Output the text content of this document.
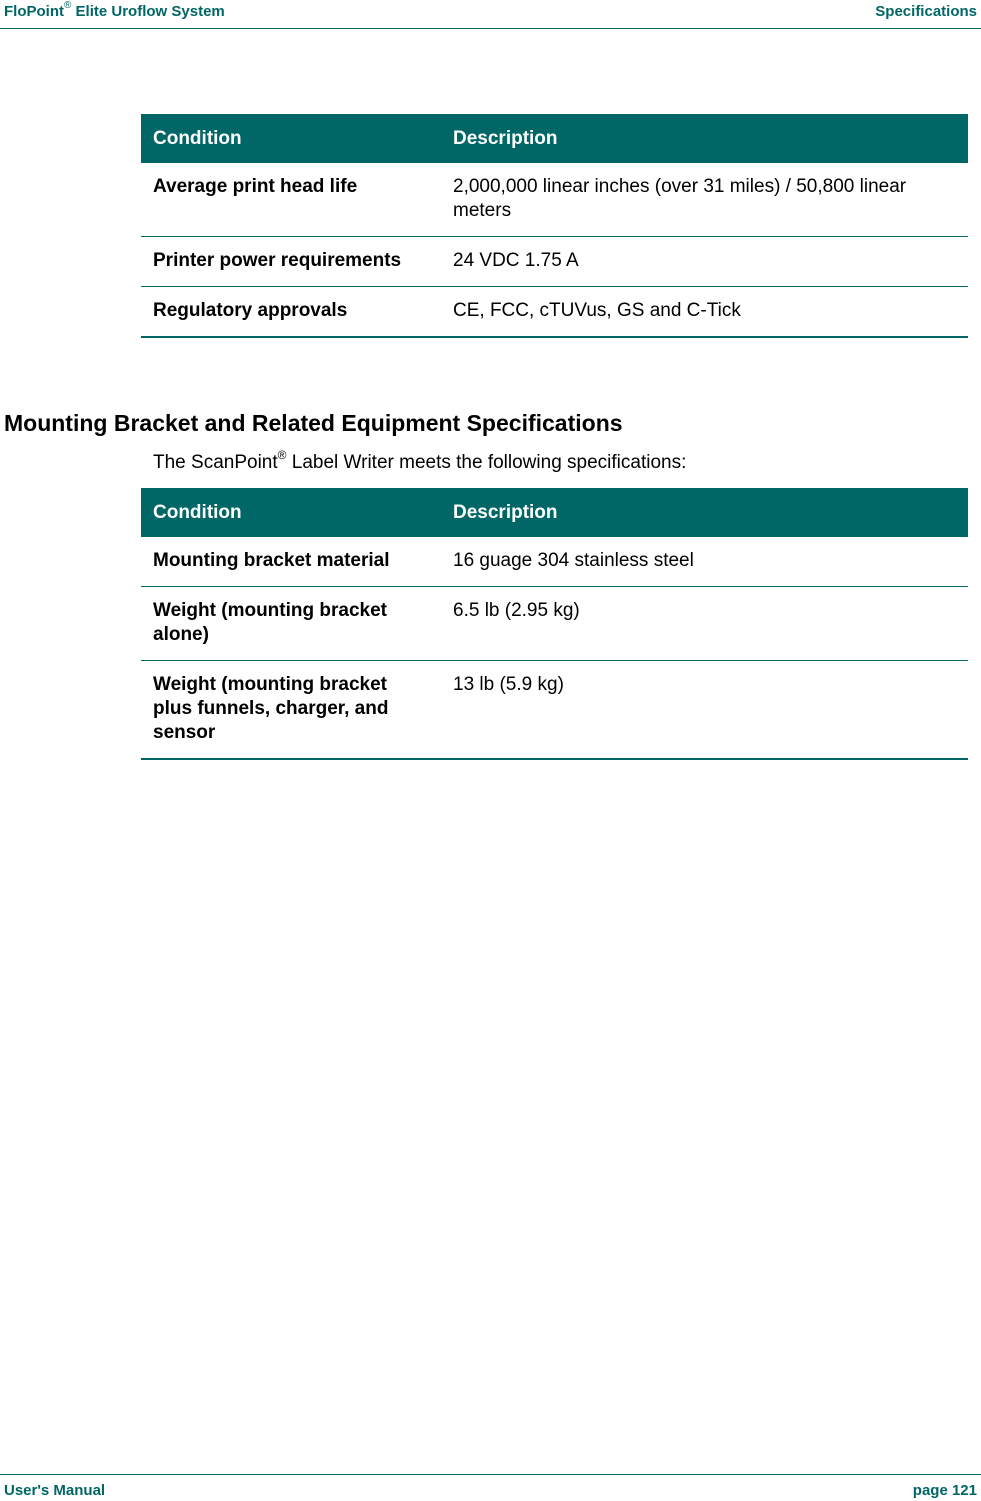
FloPoint® Elite Uroflow System	Specifications
Condition	Description
Average print head life	2,000,000 linear inches (over 31 miles) / 50,800 linear meters
Printer power requirements	24 VDC 1.75 A
Regulatory approvals	CE, FCC, cTUVus, GS and C-Tick
Mounting Bracket and Related Equipment Specifications
The ScanPoint® Label Writer meets the following specifications:
Condition	Description
Mounting bracket material	16 guage 304 stainless steel
Weight (mounting bracket alone)	6.5 lb (2.95 kg)
Weight (mounting bracket plus funnels, charger, and sensor	13 lb (5.9 kg)
User's Manual	page 121
